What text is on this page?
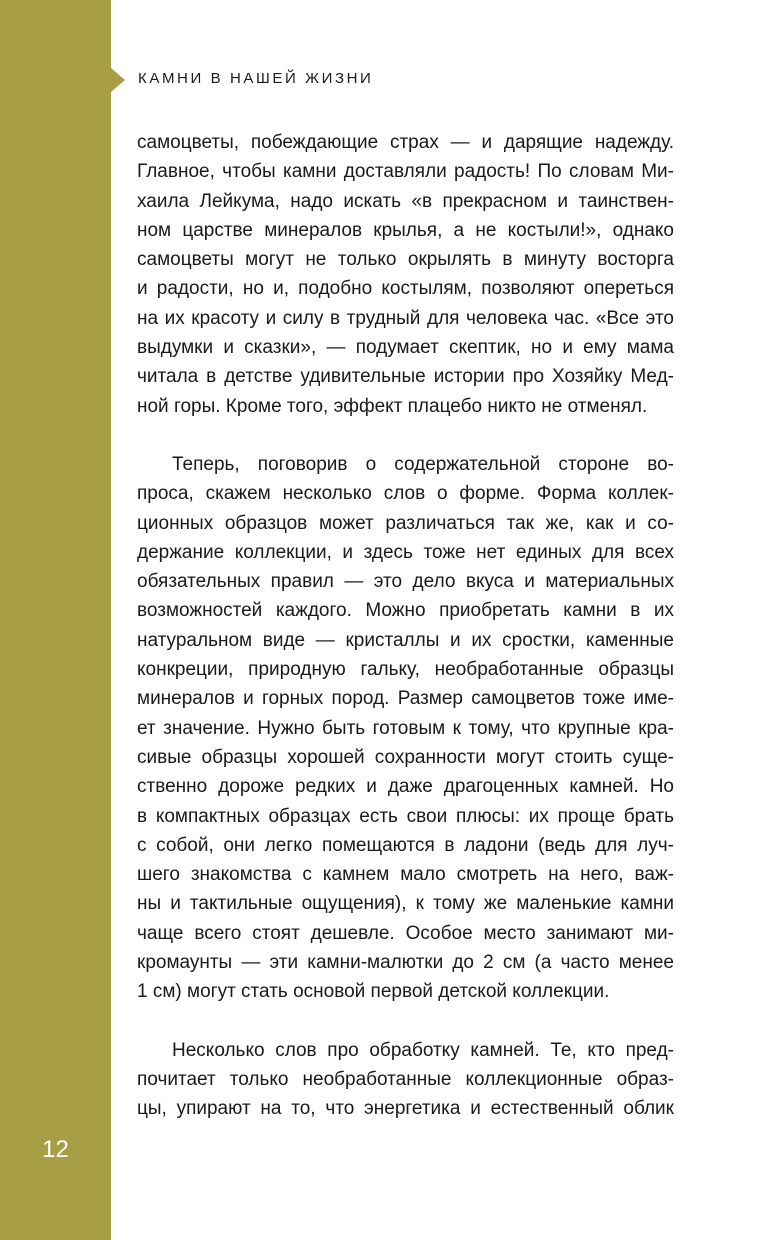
КАМНИ В НАШЕЙ ЖИЗНИ
самоцветы, побеждающие страх — и дарящие надежду.
Главное, чтобы камни доставляли радость! По словам Ми-
хаила Лейкума, надо искать «в прекрасном и таинствен-
ном царстве минералов крылья, а не костыли!», однако
самоцветы могут не только окрылять в минуту восторга
и радости, но и, подобно костылям, позволяют опереться
на их красоту и силу в трудный для человека час. «Все это
выдумки и сказки», — подумает скептик, но и ему мама
читала в детстве удивительные истории про Хозяйку Мед-
ной горы. Кроме того, эффект плацебо никто не отменял.
Теперь, поговорив о содержательной стороне во-
проса, скажем несколько слов о форме. Форма коллек-
ционных образцов может различаться так же, как и со-
держание коллекции, и здесь тоже нет единых для всех
обязательных правил — это дело вкуса и материальных
возможностей каждого. Можно приобретать камни в их
натуральном виде — кристаллы и их сростки, каменные
конкреции, природную гальку, необработанные образцы
минералов и горных пород. Размер самоцветов тоже име-
ет значение. Нужно быть готовым к тому, что крупные кра-
сивые образцы хорошей сохранности могут стоить суще-
ственно дороже редких и даже драгоценных камней. Но
в компактных образцах есть свои плюсы: их проще брать
с собой, они легко помещаются в ладони (ведь для луч-
шего знакомства с камнем мало смотреть на него, важ-
ны и тактильные ощущения), к тому же маленькие камни
чаще всего стоят дешевле. Особое место занимают ми-
кромаунты — эти камни-малютки до 2 см (а часто менее
1 см) могут стать основой первой детской коллекции.
Несколько слов про обработку камней. Те, кто пред-
почитает только необработанные коллекционные образ-
цы, упирают на то, что энергетика и естественный облик
12
